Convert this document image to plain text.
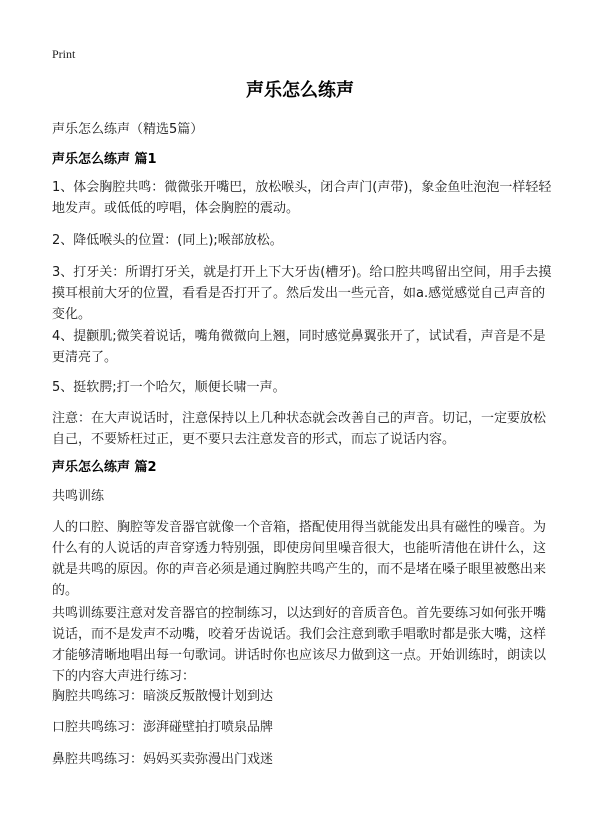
Print
声乐怎么练声

声乐怎么练声（精选5篇）

声乐怎么练声 篇1

1、体会胸腔共鸣：微微张开嘴巴，放松喉头，闭合声门(声带)，象金鱼吐泡泡一样轻轻地发声。或低低的哼唱，体会胸腔的震动。

2、降低喉头的位置：(同上);喉部放松。

3、打牙关：所谓打牙关，就是打开上下大牙齿(槽牙)。给口腔共鸣留出空间，用手去摸摸耳根前大牙的位置，看看是否打开了。然后发出一些元音，如a.感觉感觉自己声音的变化。

4、提颧肌;微笑着说话，嘴角微微向上翘，同时感觉鼻翼张开了，试试看，声音是不是更清亮了。

5、挺软腭;打一个哈欠，顺便长啸一声。

注意：在大声说话时，注意保持以上几种状态就会改善自己的声音。切记，一定要放松自己，不要矫枉过正，更不要只去注意发音的形式，而忘了说话内容。

声乐怎么练声 篇2

共鸣训练

人的口腔、胸腔等发音器官就像一个音箱，搭配使用得当就能发出具有磁性的噪音。为什么有的人说话的声音穿透力特别强，即使房间里噪音很大，也能听清他在讲什么，这就是共鸣的原因。你的声音必须是通过胸腔共鸣产生的，而不是堵在嗓子眼里被憋出来的。

共鸣训练要注意对发音器官的控制练习，以达到好的音质音色。首先要练习如何张开嘴说话，而不是发声不动嘴，咬着牙齿说话。我们会注意到歌手唱歌时都是张大嘴，这样才能够清晰地唱出每一句歌词。讲话时你也应该尽力做到这一点。开始训练时，朗读以下的内容大声进行练习：

胸腔共鸣练习：暗淡反叛散慢计划到达

口腔共鸣练习：澎湃碰壁拍打喷泉品牌

鼻腔共鸣练习：妈妈买卖弥漫出门戏迷
